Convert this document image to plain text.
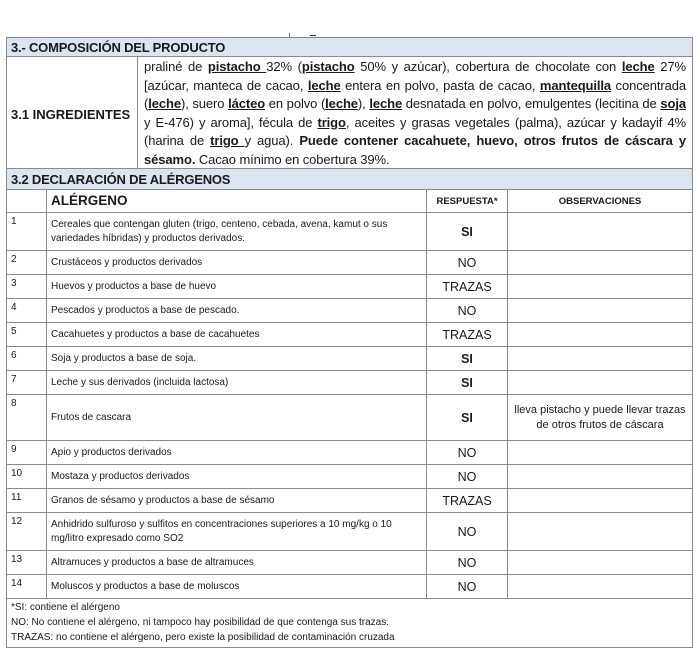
3.- COMPOSICIÓN DEL PRODUCTO
3.1 INGREDIENTES	praliné de pistacho 32% (pistacho 50% y azúcar), cobertura de chocolate con leche 27% [azúcar, manteca de cacao, leche entera en polvo, pasta de cacao, mantequilla concentrada (leche), suero lácteo en polvo (leche), leche desnatada en polvo, emulgentes (lecitina de soja y E-476) y aroma], fécula de trigo, aceites y grasas vegetales (palma), azúcar y kadayif 4% (harina de trigo y agua). Puede contener cacahuete, huevo, otros frutos de cáscara y sésamo. Cacao mínimo en cobertura 39%.
3.2 DECLARACIÓN DE ALÉRGENOS			
	ALÉRGENO	RESPUESTA*	OBSERVACIONES
1	Cereales que contengan gluten (trigo, centeno, cebada, avena, kamut o sus variedades híbridas) y productos derivados.	SI	
2	Crustáceos y productos derivados	NO	
3	Huevos y productos a base de huevo	TRAZAS	
4	Pescados y productos a base de pescado.	NO	
5	Cacahuetes y productos a base de cacahuetes	TRAZAS	
6	Soja y productos a base de soja.	SI	
7	Leche y sus derivados (incluida lactosa)	SI	
8	Frutos de cascara	SI	lleva pistacho y puede llevar trazas de otros frutos de cáscara
9	Apio y productos derivados	NO	
10	Mostaza y productos derivados	NO	
11	Granos de sésamo y productos a base de sésamo	TRAZAS	
12	Anhidrido sulfuroso y sulfitos en concentraciones superiores a 10 mg/kg o 10 mg/litro expresado como SO2	NO	
13	Altramuces y productos a base de altramuces	NO	
14	Moluscos y productos a base de moluscos	NO	

*SI: contiene el alérgeno
NO: No contiene el alérgeno, ni tampoco hay posibilidad de que contenga sus trazas.
TRAZAS: no contiene el alérgeno, pero existe la posibilidad de contaminación cruzada			
